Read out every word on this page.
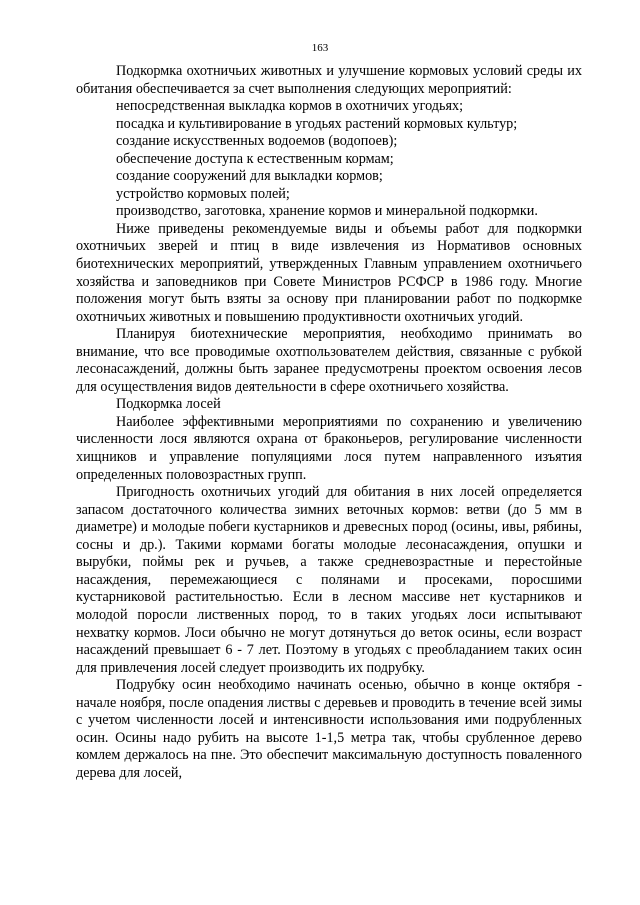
163

Подкормка охотничьих животных и улучшение кормовых условий среды их обитания обеспечивается за счет выполнения следующих мероприятий:

непосредственная выкладка кормов в охотничих угодьях;

посадка и культивирование в угодьях растений кормовых культур;

создание искусственных водоемов (водопоев);

обеспечение доступа к естественным кормам;

создание сооружений для выкладки кормов;

устройство кормовых полей;

производство, заготовка, хранение кормов и минеральной подкормки.

Ниже приведены рекомендуемые виды и объемы работ для подкормки охотничьих зверей и птиц в виде извлечения из Нормативов основных биотехнических мероприятий, утвержденных Главным управлением охотничьего хозяйства и заповедников при Совете Министров РСФСР в 1986 году. Многие положения могут быть взяты за основу при планировании работ по подкормке охотничьих животных и повышению продуктивности охотничьих угодий.

Планируя биотехнические мероприятия, необходимо принимать во внимание, что все проводимые охотпользователем действия, связанные с рубкой лесонасаждений, должны быть заранее предусмотрены проектом освоения лесов для осуществления видов деятельности в сфере охотничьего хозяйства.

Подкормка лосей

Наиболее эффективными мероприятиями по сохранению и увеличению численности лося являются охрана от браконьеров, регулирование численности хищников и управление популяциями лося путем направленного изъятия определенных половозрастных групп.

Пригодность охотничьих угодий для обитания в них лосей определяется запасом достаточного количества зимних веточных кормов: ветви (до 5 мм в диаметре) и молодые побеги кустарников и древесных пород (осины, ивы, рябины, сосны и др.). Такими кормами богаты молодые лесонасаждения, опушки и вырубки, поймы рек и ручьев, а также средневозрастные и перестойные насаждения, перемежающиеся с полянами и просеками, поросшими кустарниковой растительностью. Если в лесном массиве нет кустарников и молодой поросли лиственных пород, то в таких угодьях лоси испытывают нехватку кормов. Лоси обычно не могут дотянуться до веток осины, если возраст насаждений превышает 6 - 7 лет. Поэтому в угодьях с преобладанием таких осин для привлечения лосей следует производить их подрубку.

Подрубку осин необходимо начинать осенью, обычно в конце октября - начале ноября, после опадения листвы с деревьев и проводить в течение всей зимы с учетом численности лосей и интенсивности использования ими подрубленных осин. Осины надо рубить на высоте 1-1,5 метра так, чтобы срубленное дерево комлем держалось на пне. Это обеспечит максимальную доступность поваленного дерева для лосей,
